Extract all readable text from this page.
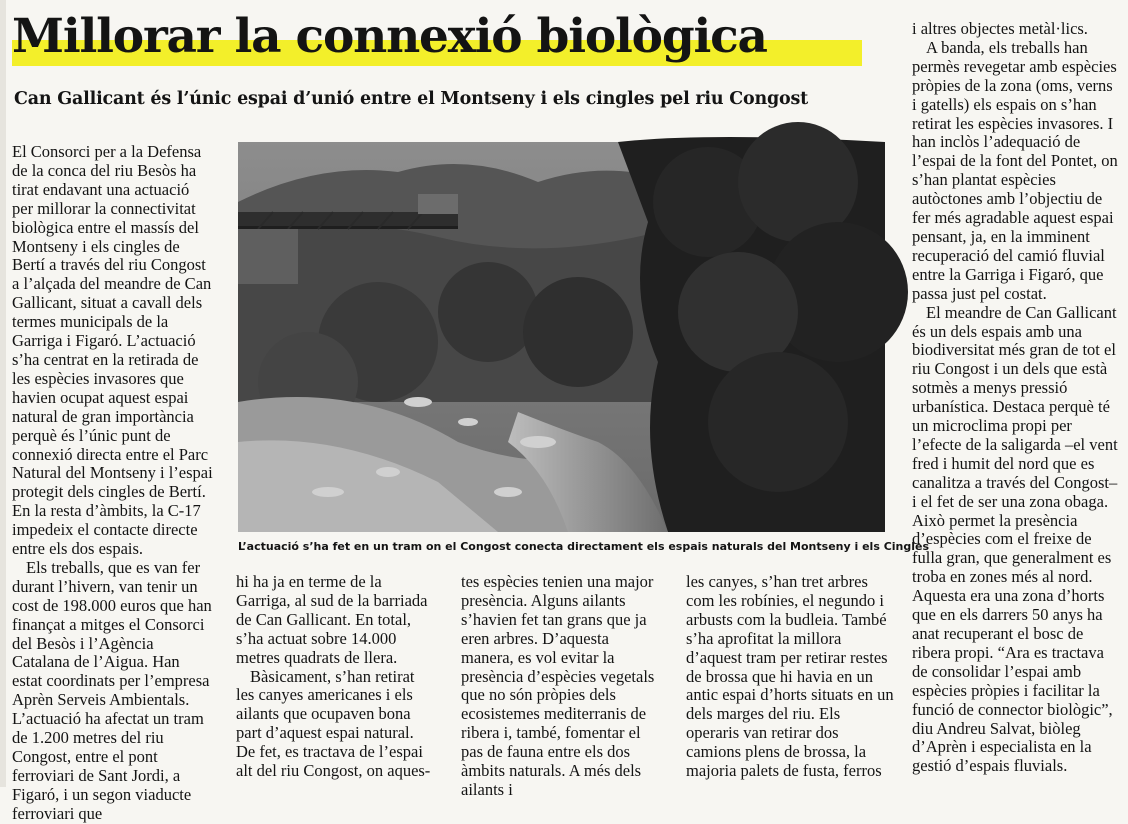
Millorar la connexió biològica
Can Gallicant és l’únic espai d’unió entre el Montseny i els cingles pel riu Congost

El Consorci per a la Defensa de la conca del riu Besòs ha tirat endavant una actuació per millorar la connectivitat biològica entre el massís del Montseny i els cingles de Bertí a través del riu Congost a l’alçada del meandre de Can Gallicant, situat a cavall dels termes municipals de la Garriga i Figaró. L’actuació s’ha centrat en la retirada de les espècies invasores que havien ocupat aquest espai natural de gran importància perquè és l’únic punt de connexió directa entre el Parc Natural del Montseny i l’espai protegit dels cingles de Bertí. En la resta d’àmbits, la C-17 impedeix el contacte directe entre els dos espais.

Els treballs, que es van fer durant l’hivern, van tenir un cost de 198.000 euros que han finançat a mitges el Consorci del Besòs i l’Agència Catalana de l’Aigua. Han estat coordinats per l’empresa Aprèn Serveis Ambientals. L’actuació ha afectat un tram de 1.200 metres del riu Congost, entre el pont ferroviari de Sant Jordi, a Figaró, i un segon viaducte ferroviari que

L’actuació s’ha fet en un tram on el Congost conecta directament els espais naturals del Montseny i els Cingles

hi ha ja en terme de la Garriga, al sud de la barriada de Can Gallicant. En total, s’ha actuat sobre 14.000 metres quadrats de llera.

Bàsicament, s’han retirat les canyes americanes i els ailants que ocupaven bona part d’aquest espai natural. De fet, es tractava de l’espai alt del riu Congost, on aques-

tes espècies tenien una major presència. Alguns ailants s’havien fet tan grans que ja eren arbres. D’aquesta manera, es vol evitar la presència d’espècies vegetals que no són pròpies dels ecosistemes mediterranis de ribera i, també, fomentar el pas de fauna entre els dos àmbits naturals. A més dels ailants i

les canyes, s’han tret arbres com les robínies, el negundo i arbusts com la budleia. També s’ha aprofitat la millora d’aquest tram per retirar restes de brossa que hi havia en un antic espai d’horts situats en un dels marges del riu. Els operaris van retirar dos camions plens de brossa, la majoria palets de fusta, ferros

i altres objectes metàl·lics.

A banda, els treballs han permès revegetar amb espècies pròpies de la zona (oms, verns i gatells) els espais on s’han retirat les espècies invasores. I han inclòs l’adequació de l’espai de la font del Pontet, on s’han plantat espècies autòctones amb l’objectiu de fer més agradable aquest espai pensant, ja, en la imminent recuperació del camió fluvial entre la Garriga i Figaró, que passa just pel costat.

El meandre de Can Gallicant és un dels espais amb una biodiversitat més gran de tot el riu Congost i un dels que està sotmès a menys pressió urbanística. Destaca perquè té un microclima propi per l’efecte de la saligarda –el vent fred i humit del nord que es canalitza a través del Congost– i el fet de ser una zona obaga. Això permet la presència d’espècies com el freixe de fulla gran, que generalment es troba en zones més al nord. Aquesta era una zona d’horts que en els darrers 50 anys ha anat recuperant el bosc de ribera propi. “Ara es tractava de consolidar l’espai amb espècies pròpies i facilitar la funció de connector biològic”, diu Andreu Salvat, biòleg d’Aprèn i especialista en la gestió d’espais fluvials.
